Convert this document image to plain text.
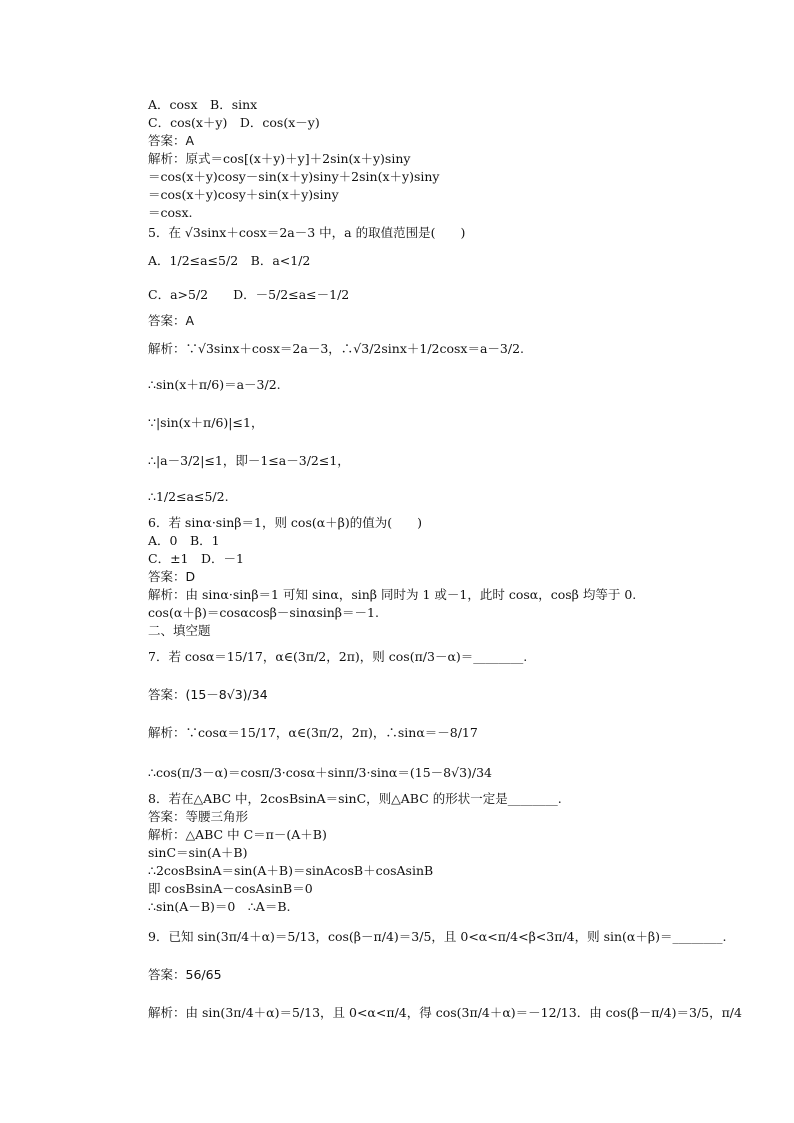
A．cosx　B．sinx
C．cos(x＋y)　D．cos(x－y)
答案：A
解析：原式＝cos[(x＋y)＋y]＋2sin(x＋y)siny
＝cos(x＋y)cosy－sin(x＋y)siny＋2sin(x＋y)siny
＝cos(x＋y)cosy＋sin(x＋y)siny
＝cosx.
5．在 √3sinx＋cosx＝2a－3 中，a 的取值范围是(　　)
A．1/2≤a≤5/2　B．a<1/2
C．a>5/2　　D．－5/2≤a≤－1/2
答案：A
解析：∵√3sinx＋cosx＝2a－3，∴√3/2sinx＋1/2cosx＝a－3/2.
∴sin(x＋π/6)＝a－3/2.
∵|sin(x＋π/6)|≤1，
∴|a－3/2|≤1，即－1≤a－3/2≤1，
∴1/2≤a≤5/2.
6．若 sinα·sinβ＝1，则 cos(α＋β)的值为(　　)
A．0　B．1
C．±1　D．－1
答案：D
解析：由 sinα·sinβ＝1 可知 sinα，sinβ 同时为 1 或－1，此时 cosα，cosβ 均等于 0.
cos(α＋β)＝cosαcosβ－sinαsinβ＝－1.
二、填空题
7．若 cosα＝15/17，α∈(3π/2，2π)，则 cos(π/3－α)＝________.
答案：(15－8√3)/34
解析：∵cosα＝15/17，α∈(3π/2，2π)，∴sinα＝－8/17
∴cos(π/3－α)＝cosπ/3·cosα＋sinπ/3·sinα＝(15－8√3)/34
8．若在△ABC 中，2cosBsinA＝sinC，则△ABC 的形状一定是________.
答案：等腰三角形
解析：△ABC 中 C＝π－(A＋B)
sinC＝sin(A＋B)
∴2cosBsinA＝sin(A＋B)＝sinAcosB＋cosAsinB
即 cosBsinA－cosAsinB＝0
∴sin(A－B)＝0　∴A＝B.
9．已知 sin(3π/4＋α)＝5/13，cos(β－π/4)＝3/5，且 0<α<π/4<β<3π/4，则 sin(α＋β)＝________.
答案：56/65
解析：由 sin(3π/4＋α)＝5/13，且 0<α<π/4，得 cos(3π/4＋α)＝－12/13．由 cos(β－π/4)＝3/5，π/4
